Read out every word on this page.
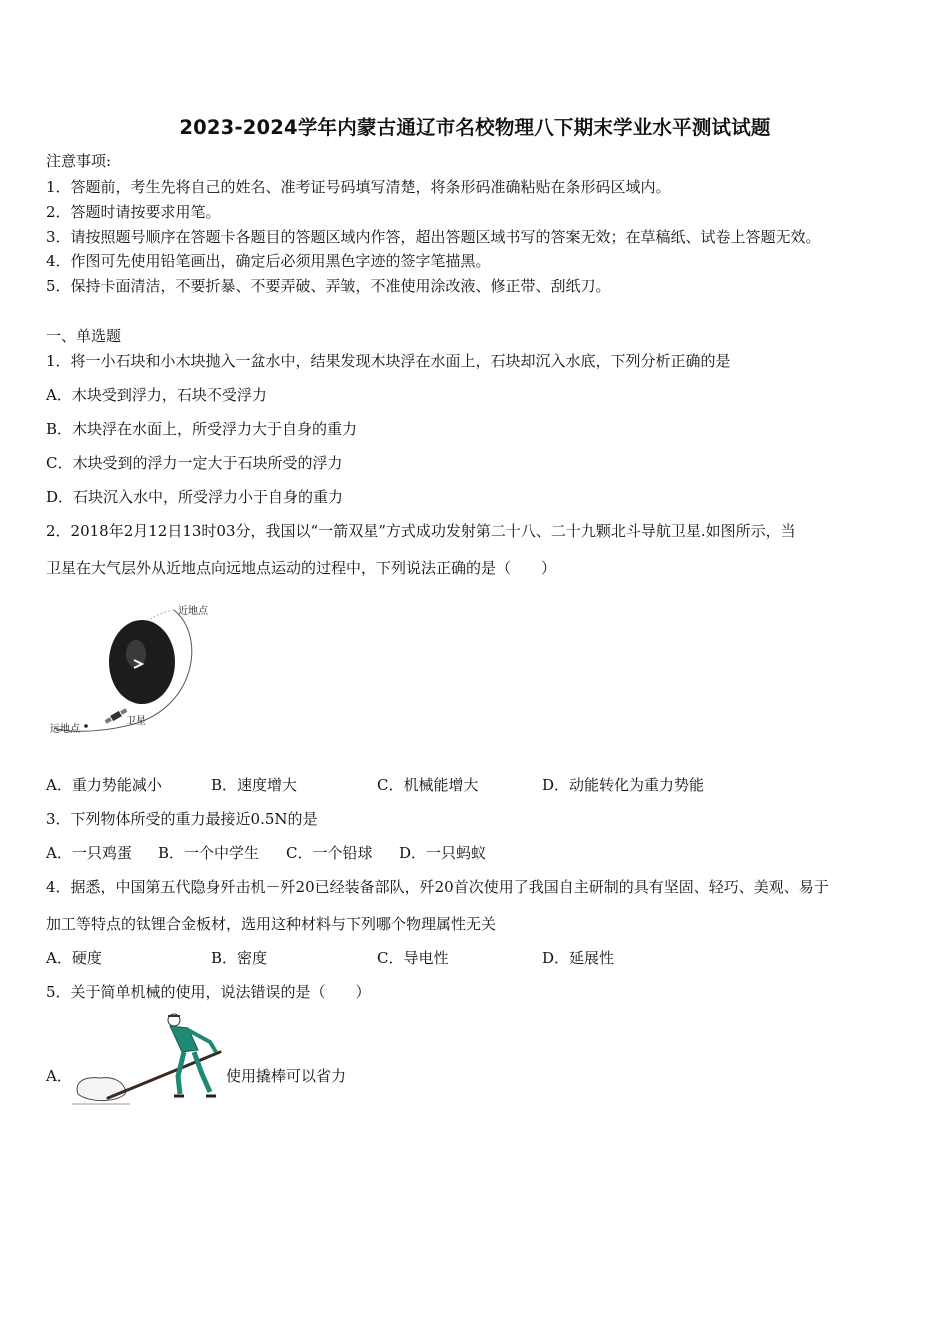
2023-2024学年内蒙古通辽市名校物理八下期末学业水平测试试题
注意事项:
1．答题前，考生先将自己的姓名、准考证号码填写清楚，将条形码准确粘贴在条形码区域内。
2．答题时请按要求用笔。
3．请按照题号顺序在答题卡各题目的答题区域内作答，超出答题区域书写的答案无效；在草稿纸、试卷上答题无效。
4．作图可先使用铅笔画出，确定后必须用黑色字迹的签字笔描黑。
5．保持卡面清洁，不要折暴、不要弄破、弄皱，不准使用涂改液、修正带、刮纸刀。
一、单选题
1．将一小石块和小木块抛入一盆水中，结果发现木块浮在水面上，石块却沉入水底，下列分析正确的是
A．木块受到浮力，石块不受浮力
B．木块浮在水面上，所受浮力大于自身的重力
C．木块受到的浮力一定大于石块所受的浮力
D．石块沉入水中，所受浮力小于自身的重力
2．2018年2月12日13时03分，我国以“一箭双星”方式成功发射第二十八、二十九颗北斗导航卫星.如图所示，当
卫星在大气层外从近地点向远地点运动的过程中，下列说法正确的是（　　）
近地点
远地点
卫星
A．重力势能减小	B．速度增大	C．机械能增大	D．动能转化为重力势能
3．下列物体所受的重力最接近0.5N的是
A．一只鸡蛋 B．一个中学生 C．一个铅球 D．一只蚂蚁
4．据悉，中国第五代隐身歼击机－歼20已经装备部队，歼20首次使用了我国自主研制的具有坚固、轻巧、美观、易于
加工等特点的钛锂合金板材，选用这种材料与下列哪个物理属性无关
A．硬度	B．密度	C．导电性	D．延展性
5．关于简单机械的使用，说法错误的是（　　）
A．	使用撬棒可以省力
